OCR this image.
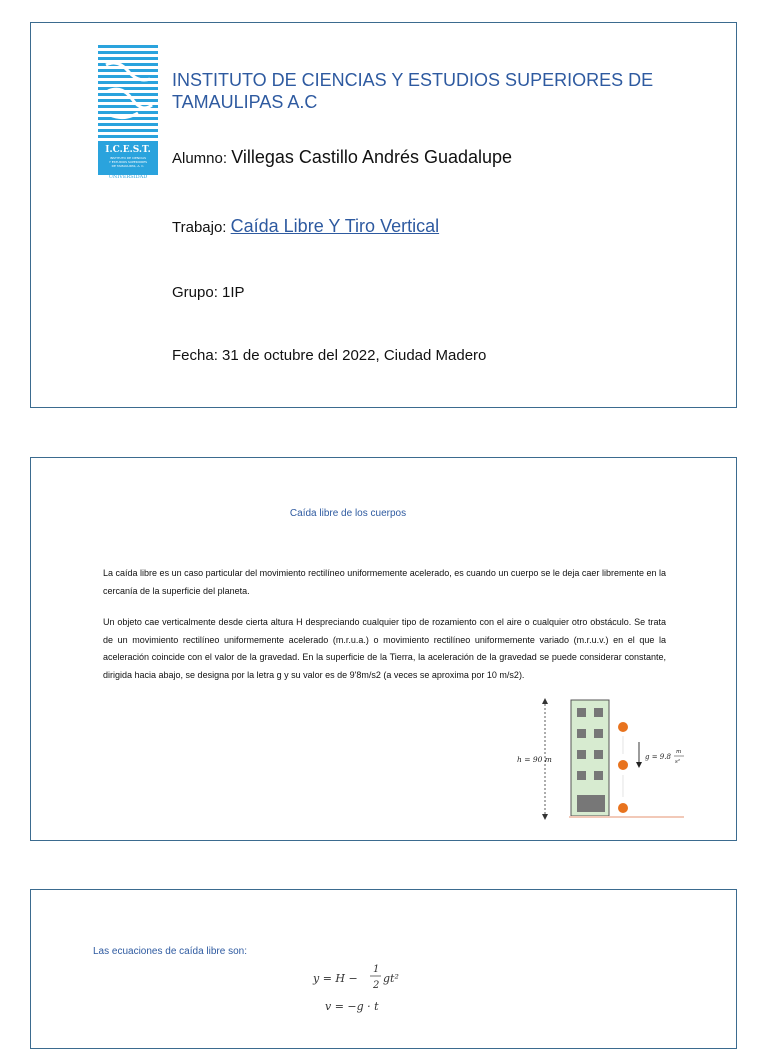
I.C.E.S.T.
INSTITUTO DE CIENCIAS
Y ESTUDIOS SUPERIORES
DE TAMAULIPAS, A. C.
UNIVERSIDAD
INSTITUTO DE CIENCIAS Y ESTUDIOS SUPERIORES DE TAMAULIPAS A.C
Alumno: Villegas Castillo Andrés Guadalupe
Trabajo: Caída Libre Y Tiro Vertical
Grupo: 1IP
Fecha: 31 de octubre del 2022, Ciudad Madero
Caída libre de los cuerpos

La caída libre es un caso particular del movimiento rectilíneo uniformemente acelerado, es cuando un cuerpo se le deja caer libremente en la cercanía de la superficie del planeta.

Un objeto cae verticalmente desde cierta altura H despreciando cualquier tipo de rozamiento con el aire o cualquier otro obstáculo. Se trata de un movimiento rectilíneo uniformemente acelerado (m.r.u.a.) o movimiento rectilíneo uniformemente variado (m.r.u.v.) en el que la aceleración coincide con el valor de la gravedad. En la superficie de la Tierra, la aceleración de la gravedad se puede considerar constante, dirigida hacia abajo, se designa por la letra g y su valor es de 9'8m/s2 (a veces se aproxima por 10 m/s2).

h = 90 m	g = 9.8
m
s²
Las ecuaciones de caída libre son:
y = H −
1
2
gt²
v = −g · t
